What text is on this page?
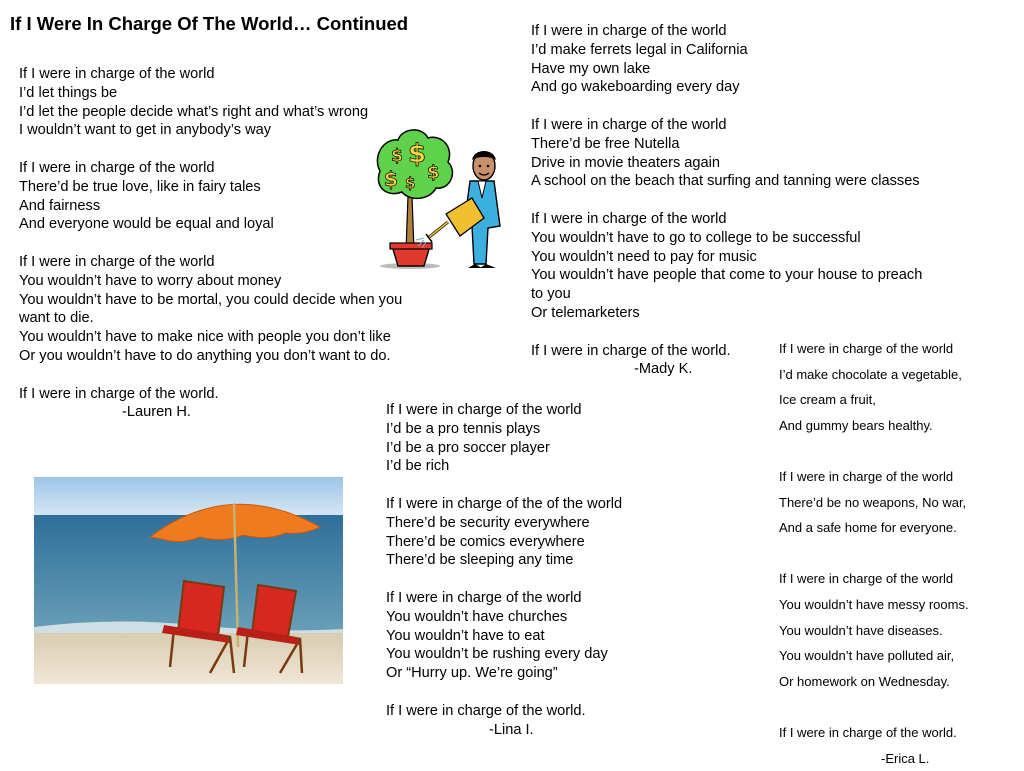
If I Were In Charge Of The World… Continued
If I were in charge of the world
I’d let things be
I’d let the people decide what’s right and what’s wrong
I wouldn’t want to get in anybody’s way
If I were in charge of the world
There’d be true love, like in fairy tales
And fairness
And everyone would be equal and loyal
If I were in charge of the world
You wouldn’t have to worry about money
You wouldn’t have to be mortal, you could decide when you
want to die.
You wouldn’t have to make nice with people you don’t like
Or you wouldn’t have to do anything you don’t want to do.
If I were in charge of the world.
-Lauren H.
If I were in charge of the world
I’d make ferrets legal in California
Have my own lake
And go wakeboarding every day
If I were in charge of the world
There’d be free Nutella
Drive in movie theaters again
A school on the beach that surfing and tanning were classes
If I were in charge of the world
You wouldn’t have to go to college to be successful
You wouldn’t need to pay for music
You wouldn’t have people that come to your house to preach
to you
Or telemarketers
If I were in charge of the world.
-Mady K.
If I were in charge of the world
I’d be a pro tennis plays
I’d be a pro soccer player
I’d be rich
If I were in charge of the of the world
There’d be security everywhere
There’d be comics everywhere
There’d be sleeping any time
If I were in charge of the world
You wouldn’t have churches
You wouldn’t have to eat
You wouldn’t be rushing every day
Or “Hurry up. We’re going”
If I were in charge of the world.
-Lina I.
If I were in charge of the world
I’d make chocolate a vegetable,
Ice cream a fruit,
And gummy bears healthy.
If I were in charge of the world
There’d be no weapons, No war,
And a safe home for everyone.
If I were in charge of the world
You wouldn’t have messy rooms.
You wouldn’t have diseases.
You wouldn’t have polluted air,
Or homework on Wednesday.
If I were in charge of the world.
-Erica L.
$ $
$
$ $
